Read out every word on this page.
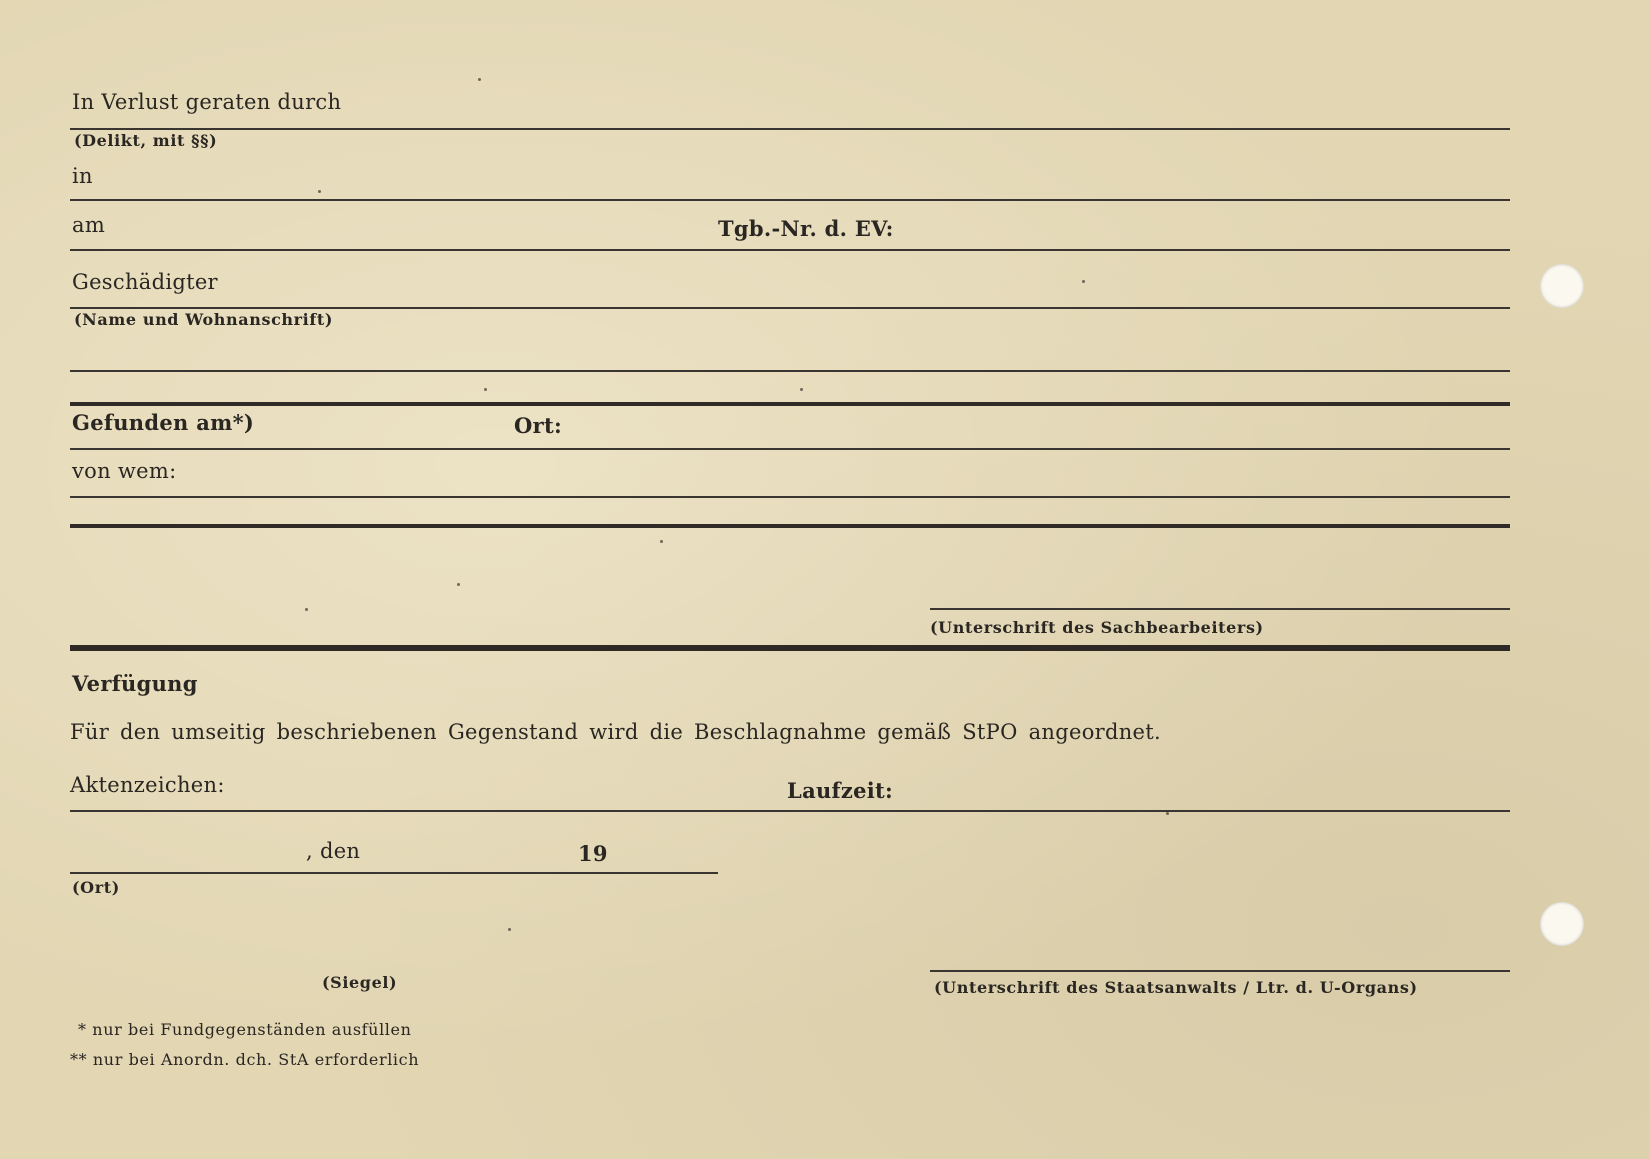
In Verlust geraten durch
(Delikt, mit §§)
in
am	Tgb.-Nr. d. EV:
Geschädigter
(Name und Wohnanschrift)
Gefunden am*)	Ort:
von wem:
(Unterschrift des Sachbearbeiters)
Verfügung
Für den umseitig beschriebenen Gegenstand wird die Beschlagnahme gemäß StPO angeordnet.
Aktenzeichen:	Laufzeit:
, den	19
(Ort)
(Siegel)	(Unterschrift des Staatsanwalts / Ltr. d. U-Organs)
* nur bei Fundgegenständen ausfüllen
** nur bei Anordn. dch. StA erforderlich
